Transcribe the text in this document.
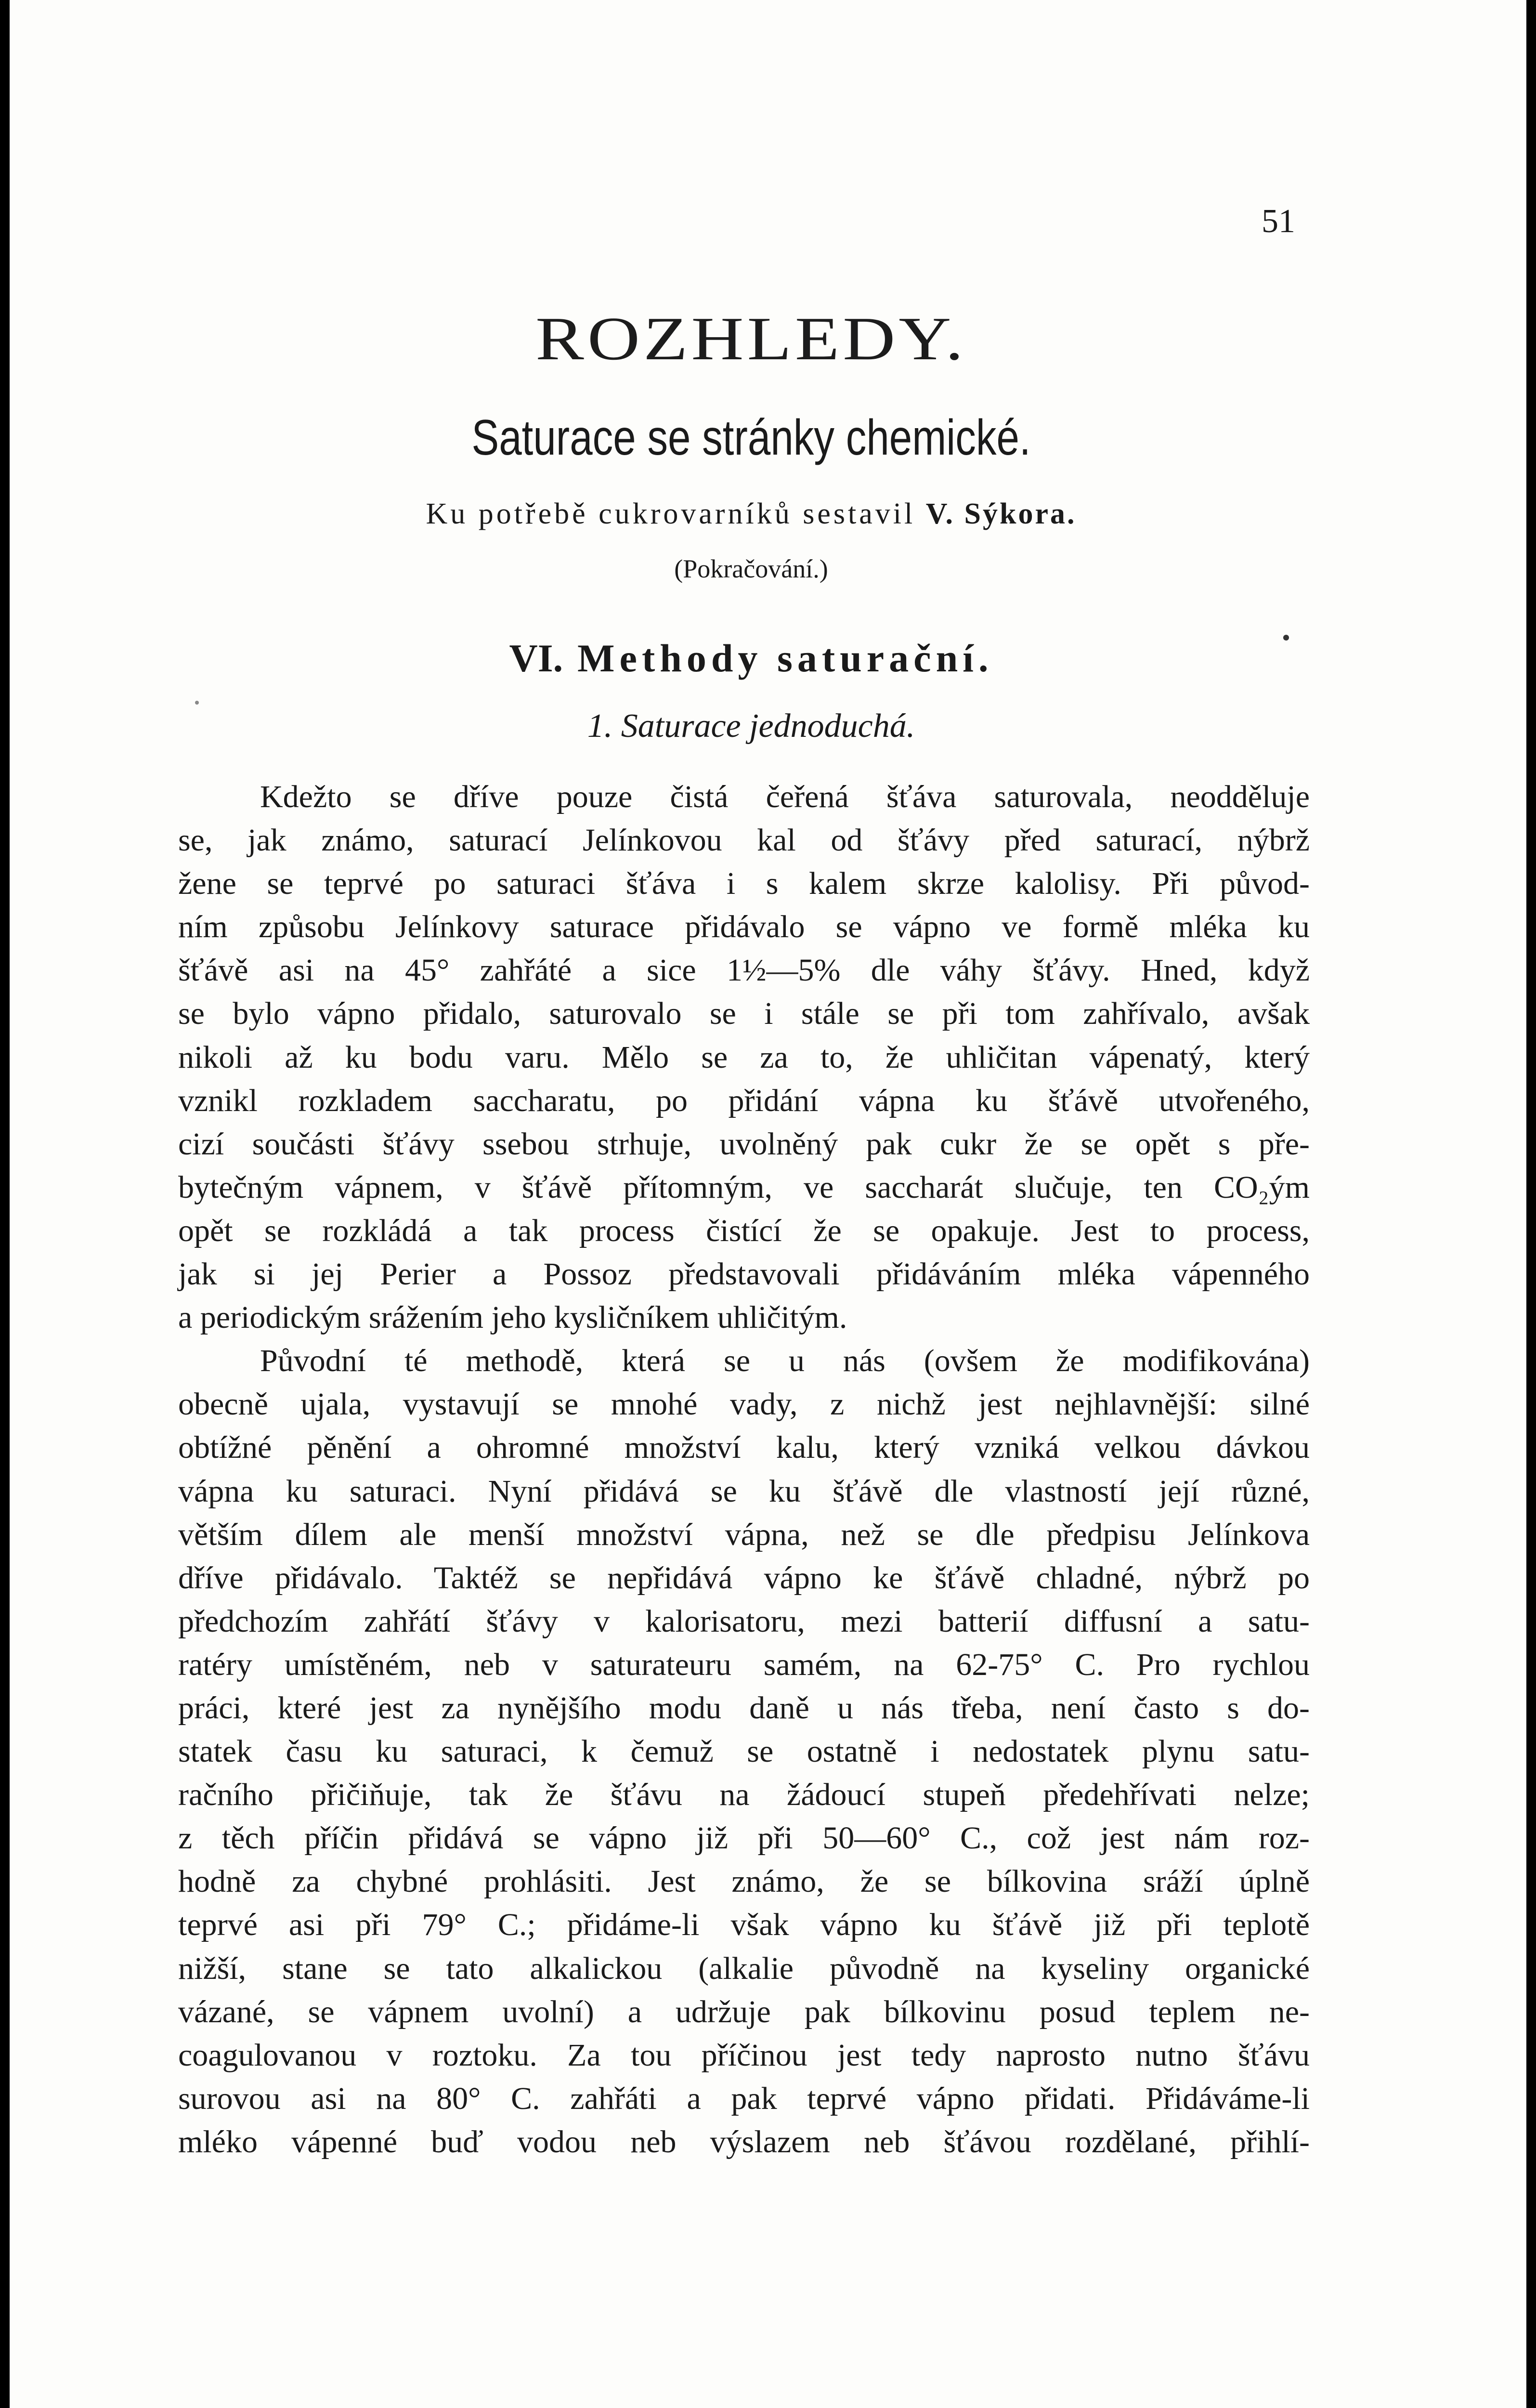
51
ROZHLEDY.
Saturace se stránky chemické.
Ku potřebě cukrovarníků sestavil V. Sýkora.
(Pokračování.)
VI. Methody saturační.
1. Saturace jednoduchá.
Kdežto se dříve pouze čistá čeřená šťáva saturovala, neodděluje
se, jak známo, saturací Jelínkovou kal od šťávy před saturací, nýbrž
žene se teprvé po saturaci šťáva i s kalem skrze kalolisy. Při původ-
ním způsobu Jelínkovy saturace přidávalo se vápno ve formě mléka ku
šťávě asi na 45° zahřáté a sice 1½—5% dle váhy šťávy. Hned, když
se bylo vápno přidalo, saturovalo se i stále se při tom zahřívalo, avšak
nikoli až ku bodu varu. Mělo se za to, že uhličitan vápenatý, který
vznikl rozkladem saccharatu, po přidání vápna ku šťávě utvořeného,
cizí součásti šťávy ssebou strhuje, uvolněný pak cukr že se opět s pře-
bytečným vápnem, v šťávě přítomným, ve saccharát slučuje, ten CO₂ým
opět se rozkládá a tak process čistící že se opakuje. Jest to process,
jak si jej Perier a Possoz představovali přidáváním mléka vápenného
a periodickým srážením jeho kysličníkem uhličitým.
Původní té methodě, která se u nás (ovšem že modifikována)
obecně ujala, vystavují se mnohé vady, z nichž jest nejhlavnější: silné
obtížné pěnění a ohromné množství kalu, který vzniká velkou dávkou
vápna ku saturaci. Nyní přidává se ku šťávě dle vlastností její různé,
větším dílem ale menší množství vápna, než se dle předpisu Jelínkova
dříve přidávalo. Taktéž se nepřidává vápno ke šťávě chladné, nýbrž po
předchozím zahřátí šťávy v kalorisatoru, mezi batterií diffusní a satu-
ratéry umístěném, neb v saturateuru samém, na 62-75° C. Pro rychlou
práci, které jest za nynějšího modu daně u nás třeba, není často s do-
statek času ku saturaci, k čemuž se ostatně i nedostatek plynu satu-
račního přičiňuje, tak že šťávu na žádoucí stupeň předehřívati nelze;
z těch příčin přidává se vápno již při 50—60° C., což jest nám roz-
hodně za chybné prohlásiti. Jest známo, že se bílkovina sráží úplně
teprvé asi při 79° C.; přidáme-li však vápno ku šťávě již při teplotě
nižší, stane se tato alkalickou (alkalie původně na kyseliny organické
vázané, se vápnem uvolní) a udržuje pak bílkovinu posud teplem ne-
coagulovanou v roztoku. Za tou příčinou jest tedy naprosto nutno šťávu
surovou asi na 80° C. zahřáti a pak teprvé vápno přidati. Přidáváme-li
mléko vápenné buď vodou neb výslazem neb šťávou rozdělané, přihlí-
